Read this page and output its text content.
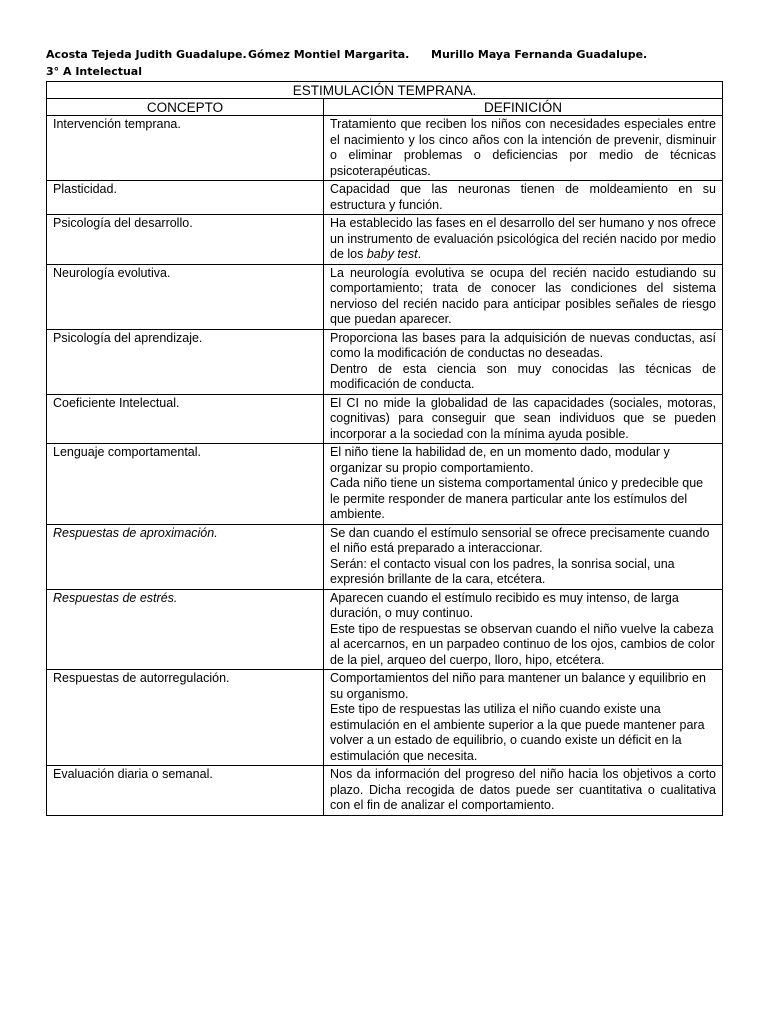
Acosta Tejeda Judith Guadalupe. Gómez Montiel Margarita. Murillo Maya Fernanda Guadalupe.
3° A Intelectual
ESTIMULACIÓN TEMPRANA.	
CONCEPTO	DEFINICIÓN
Intervención temprana.	Tratamiento que reciben los niños con necesidades especiales entre el nacimiento y los cinco años con la intención de prevenir, disminuir o eliminar problemas o deficiencias por medio de técnicas psicoterapéuticas.

Plasticidad.	Capacidad que las neuronas tienen de moldeamiento en su estructura y función.

Psicología del desarrollo.	Ha establecido las fases en el desarrollo del ser humano y nos ofrece un instrumento de evaluación psicológica del recién nacido por medio de los baby test.
Neurología evolutiva.	La neurología evolutiva se ocupa del recién nacido estudiando su comportamiento; trata de conocer las condiciones del sistema nervioso del recién nacido para anticipar posibles señales de riesgo que puedan aparecer.

Psicología del aprendizaje.	Proporciona las bases para la adquisición de nuevas conductas, así como la modificación de conductas no deseadas.
Dentro de esta ciencia son muy conocidas las técnicas de modificación de conducta.

Coeficiente Intelectual.	El CI no mide la globalidad de las capacidades (sociales, motoras, cognitivas) para conseguir que sean individuos que se pueden incorporar a la sociedad con la mínima ayuda posible.

Lenguaje comportamental.	El niño tiene la habilidad de, en un momento dado, modular y organizar su propio comportamiento.
Cada niño tiene un sistema comportamental único y predecible que le permite responder de manera particular ante los estímulos del ambiente.

Respuestas de aproximación.	Se dan cuando el estímulo sensorial se ofrece precisamente cuando el niño está preparado a interaccionar.
Serán: el contacto visual con los padres, la sonrisa social, una expresión brillante de la cara, etcétera.

Respuestas de estrés.	Aparecen cuando el estímulo recibido es muy intenso, de larga duración, o muy continuo.
Este tipo de respuestas se observan cuando el niño vuelve la cabeza al acercarnos, en un parpadeo continuo de los ojos, cambios de color de la piel, arqueo del cuerpo, lloro, hipo, etcétera.

Respuestas de autorregulación.	Comportamientos del niño para mantener un balance y equilibrio en su organismo.
Este tipo de respuestas las utiliza el niño cuando existe una estimulación en el ambiente superior a la que puede mantener para volver a un estado de equilibrio, o cuando existe un déficit en la estimulación que necesita.

Evaluación diaria o semanal.	Nos da información del progreso del niño hacia los objetivos a corto plazo. Dicha recogida de datos puede ser cuantitativa o cualitativa con el fin de analizar el comportamiento.
